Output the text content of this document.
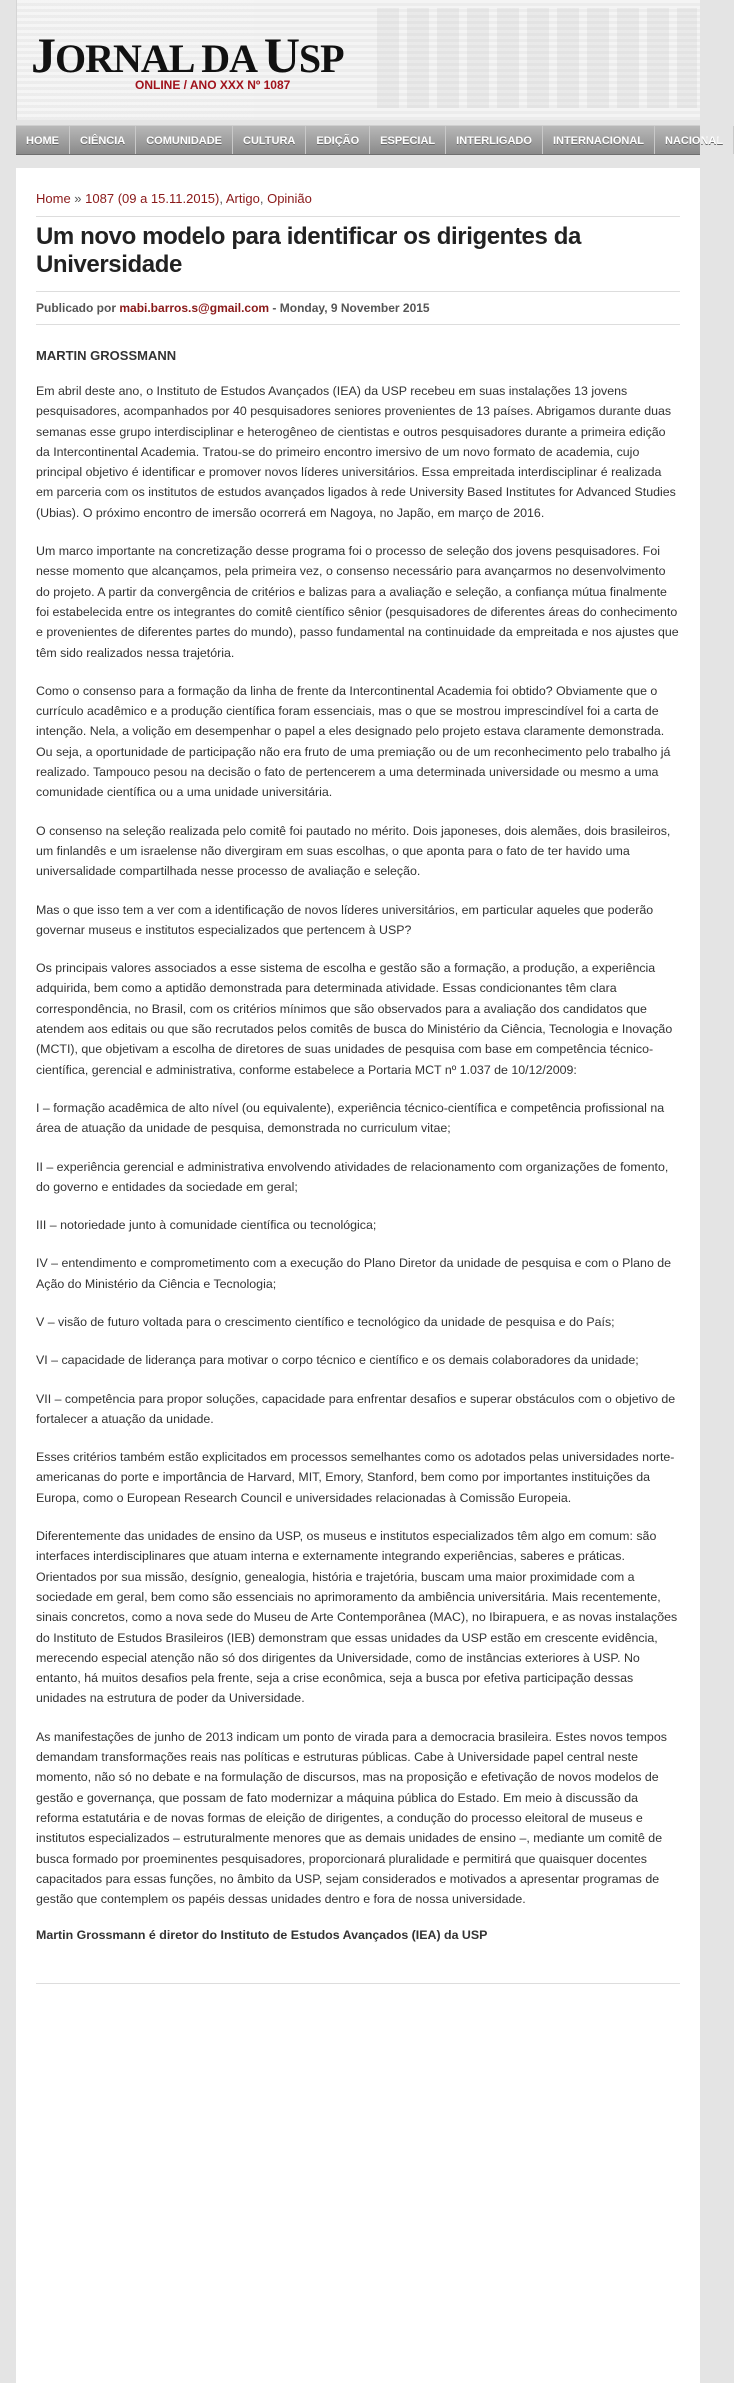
JORNAL DA USP
ONLINE / ANO XXX Nº 1087
HOME	CIÊNCIA	COMUNIDADE	CULTURA	EDIÇÃO	ESPECIAL	INTERLIGADO	INTERNACIONAL	NACIONAL
Home » 1087 (09 a 15.11.2015), Artigo, Opinião
Um novo modelo para identificar os dirigentes da Universidade
Publicado por mabi.barros.s@gmail.com - Monday, 9 November 2015
MARTIN GROSSMANN

Em abril deste ano, o Instituto de Estudos Avançados (IEA) da USP recebeu em suas instalações 13 jovens pesquisadores, acompanhados por 40 pesquisadores seniores provenientes de 13 países. Abrigamos durante duas semanas esse grupo interdisciplinar e heterogêneo de cientistas e outros pesquisadores durante a primeira edição da Intercontinental Academia. Tratou-se do primeiro encontro imersivo de um novo formato de academia, cujo principal objetivo é identificar e promover novos líderes universitários. Essa empreitada interdisciplinar é realizada em parceria com os institutos de estudos avançados ligados à rede University Based Institutes for Advanced Studies (Ubias). O próximo encontro de imersão ocorrerá em Nagoya, no Japão, em março de 2016.

Um marco importante na concretização desse programa foi o processo de seleção dos jovens pesquisadores. Foi nesse momento que alcançamos, pela primeira vez, o consenso necessário para avançarmos no desenvolvimento do projeto. A partir da convergência de critérios e balizas para a avaliação e seleção, a confiança mútua finalmente foi estabelecida entre os integrantes do comitê científico sênior (pesquisadores de diferentes áreas do conhecimento e provenientes de diferentes partes do mundo), passo fundamental na continuidade da empreitada e nos ajustes que têm sido realizados nessa trajetória.

Como o consenso para a formação da linha de frente da Intercontinental Academia foi obtido? Obviamente que o currículo acadêmico e a produção científica foram essenciais, mas o que se mostrou imprescindível foi a carta de intenção. Nela, a volição em desempenhar o papel a eles designado pelo projeto estava claramente demonstrada. Ou seja, a oportunidade de participação não era fruto de uma premiação ou de um reconhecimento pelo trabalho já realizado. Tampouco pesou na decisão o fato de pertencerem a uma determinada universidade ou mesmo a uma comunidade científica ou a uma unidade universitária.

O consenso na seleção realizada pelo comitê foi pautado no mérito. Dois japoneses, dois alemães, dois brasileiros, um finlandês e um israelense não divergiram em suas escolhas, o que aponta para o fato de ter havido uma universalidade compartilhada nesse processo de avaliação e seleção.

Mas o que isso tem a ver com a identificação de novos líderes universitários, em particular aqueles que poderão governar museus e institutos especializados que pertencem à USP?

Os principais valores associados a esse sistema de escolha e gestão são a formação, a produção, a experiência adquirida, bem como a aptidão demonstrada para determinada atividade. Essas condicionantes têm clara correspondência, no Brasil, com os critérios mínimos que são observados para a avaliação dos candidatos que atendem aos editais ou que são recrutados pelos comitês de busca do Ministério da Ciência, Tecnologia e Inovação (MCTI), que objetivam a escolha de diretores de suas unidades de pesquisa com base em competência técnico-científica, gerencial e administrativa, conforme estabelece a Portaria MCT nº 1.037 de 10/12/2009:

I – formação acadêmica de alto nível (ou equivalente), experiência técnico-científica e competência profissional na área de atuação da unidade de pesquisa, demonstrada no curriculum vitae;

II – experiência gerencial e administrativa envolvendo atividades de relacionamento com organizações de fomento, do governo e entidades da sociedade em geral;

III – notoriedade junto à comunidade científica ou tecnológica;

IV – entendimento e comprometimento com a execução do Plano Diretor da unidade de pesquisa e com o Plano de Ação do Ministério da Ciência e Tecnologia;

V – visão de futuro voltada para o crescimento científico e tecnológico da unidade de pesquisa e do País;

VI – capacidade de liderança para motivar o corpo técnico e científico e os demais colaboradores da unidade;

VII – competência para propor soluções, capacidade para enfrentar desafios e superar obstáculos com o objetivo de fortalecer a atuação da unidade.

Esses critérios também estão explicitados em processos semelhantes como os adotados pelas universidades norte-americanas do porte e importância de Harvard, MIT, Emory, Stanford, bem como por importantes instituições da Europa, como o European Research Council e universidades relacionadas à Comissão Europeia.

Diferentemente das unidades de ensino da USP, os museus e institutos especializados têm algo em comum: são interfaces interdisciplinares que atuam interna e externamente integrando experiências, saberes e práticas. Orientados por sua missão, desígnio, genealogia, história e trajetória, buscam uma maior proximidade com a sociedade em geral, bem como são essenciais no aprimoramento da ambiência universitária. Mais recentemente, sinais concretos, como a nova sede do Museu de Arte Contemporânea (MAC), no Ibirapuera, e as novas instalações do Instituto de Estudos Brasileiros (IEB) demonstram que essas unidades da USP estão em crescente evidência, merecendo especial atenção não só dos dirigentes da Universidade, como de instâncias exteriores à USP. No entanto, há muitos desafios pela frente, seja a crise econômica, seja a busca por efetiva participação dessas unidades na estrutura de poder da Universidade.

As manifestações de junho de 2013 indicam um ponto de virada para a democracia brasileira. Estes novos tempos demandam transformações reais nas políticas e estruturas públicas. Cabe à Universidade papel central neste momento, não só no debate e na formulação de discursos, mas na proposição e efetivação de novos modelos de gestão e governança, que possam de fato modernizar a máquina pública do Estado. Em meio à discussão da reforma estatutária e de novas formas de eleição de dirigentes, a condução do processo eleitoral de museus e institutos especializados – estruturalmente menores que as demais unidades de ensino –, mediante um comitê de busca formado por proeminentes pesquisadores, proporcionará pluralidade e permitirá que quaisquer docentes capacitados para essas funções, no âmbito da USP, sejam considerados e motivados a apresentar programas de gestão que contemplem os papéis dessas unidades dentro e fora de nossa universidade.

Martin Grossmann é diretor do Instituto de Estudos Avançados (IEA) da USP
